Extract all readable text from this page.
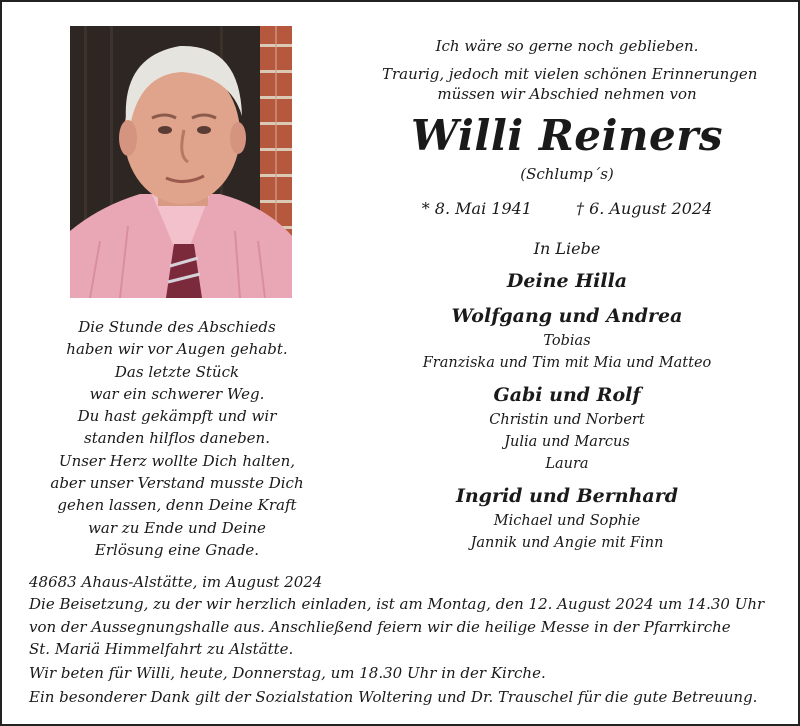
Die Stunde des Abschieds
haben wir vor Augen gehabt.
Das letzte Stück
war ein schwerer Weg.
Du hast gekämpft und wir
standen hilflos daneben.
Unser Herz wollte Dich halten,
aber unser Verstand musste Dich
gehen lassen, denn Deine Kraft
war zu Ende und Deine
Erlösung eine Gnade.
Ich wäre so gerne noch geblieben.
Traurig, jedoch mit vielen schönen Erinnerungen
müssen wir Abschied nehmen von
Willi Reiners
(Schlump´s)
* 8. Mai 1941	† 6. August 2024
In Liebe
Deine Hilla
Wolfgang und Andrea
Tobias
Franziska und Tim mit Mia und Matteo
Gabi und Rolf
Christin und Norbert
Julia und Marcus
Laura
Ingrid und Bernhard
Michael und Sophie
Jannik und Angie mit Finn
48683 Ahaus-Alstätte, im August 2024
Die Beisetzung, zu der wir herzlich einladen, ist am Montag, den 12. August 2024 um 14.30 Uhr
von der Aussegnungshalle aus. Anschließend feiern wir die heilige Messe in der Pfarrkirche
St. Mariä Himmelfahrt zu Alstätte.
Wir beten für Willi, heute, Donnerstag, um 18.30 Uhr in der Kirche.
Ein besonderer Dank gilt der Sozialstation Woltering und Dr. Trauschel für die gute Betreuung.
